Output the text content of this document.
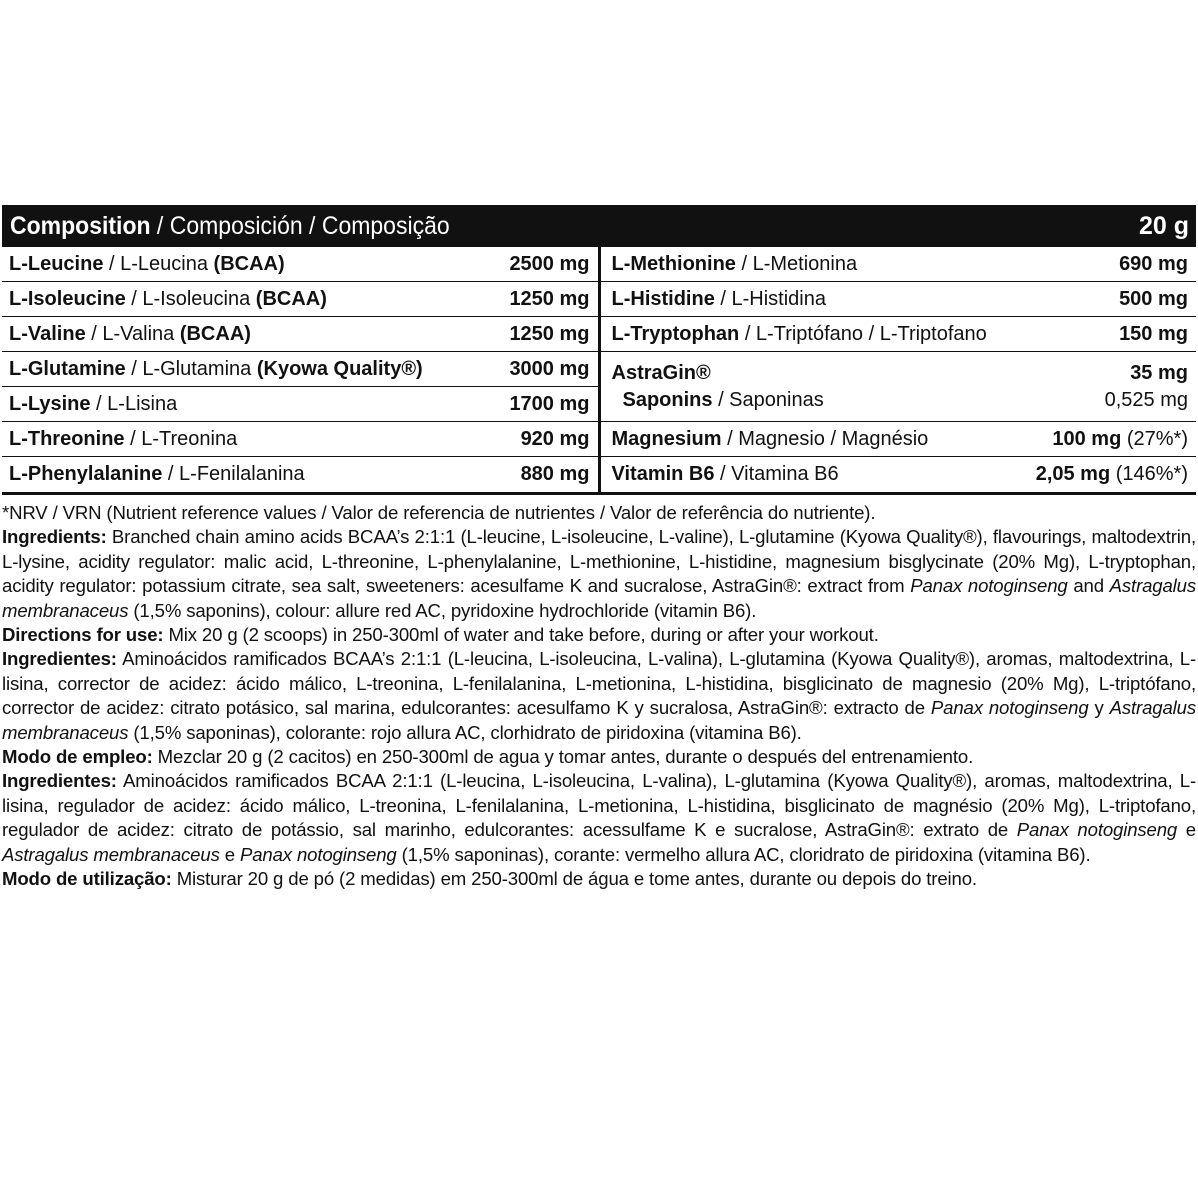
Composition / Composición / Composição	20 g
L-Leucine / L-Leucina (BCAA)	2500 mg
L-Isoleucine / L-Isoleucina (BCAA)	1250 mg
L-Valine / L-Valina (BCAA)	1250 mg
L-Glutamine / L-Glutamina (Kyowa Quality®)	3000 mg
L-Lysine / L-Lisina	1700 mg
L-Threonine / L-Treonina	920 mg
L-Phenylalanine / L-Fenilalanina	880 mg
L-Methionine / L-Metionina	690 mg
L-Histidine / L-Histidina	500 mg
L-Tryptophan / L-Triptófano / L-Triptofano	150 mg
AstraGin®	35 mg
Saponins / Saponinas	0,525 mg
Magnesium / Magnesio / Magnésio	100 mg (27%*)
Vitamin B6 / Vitamina B6	2,05 mg (146%*)

*NRV / VRN (Nutrient reference values / Valor de referencia de nutrientes / Valor de referência do nutriente).

Ingredients: Branched chain amino acids BCAA’s 2:1:1 (L-leucine, L-isoleucine, L-valine), L-glutamine (Kyowa Quality®), flavourings, maltodextrin, L-lysine, acidity regulator: malic acid, L-threonine, L-phenylalanine, L-methionine, L-histidine, magnesium bisglycinate (20% Mg), L-tryptophan, acidity regulator: potassium citrate, sea salt, sweeteners: acesulfame K and sucralose, AstraGin®: extract from Panax notoginseng and Astragalus membranaceus (1,5% saponins), colour: allure red AC, pyridoxine hydrochloride (vitamin B6).

Directions for use: Mix 20 g (2 scoops) in 250-300ml of water and take before, during or after your workout.

Ingredientes: Aminoácidos ramificados BCAA’s 2:1:1 (L-leucina, L-isoleucina, L-valina), L-glutamina (Kyowa Quality®), aromas, maltodextrina, L-lisina, corrector de acidez: ácido málico, L-treonina, L-fenilalanina, L-metionina, L-histidina, bisglicinato de magnesio (20% Mg), L-triptófano, corrector de acidez: citrato potásico, sal marina, edulcorantes: acesulfamo K y sucralosa, AstraGin®: extracto de Panax notoginseng y Astragalus membranaceus (1,5% saponinas), colorante: rojo allura AC, clorhidrato de piridoxina (vitamina B6).

Modo de empleo: Mezclar 20 g (2 cacitos) en 250-300ml de agua y tomar antes, durante o después del entrenamiento.

Ingredientes: Aminoácidos ramificados BCAA 2:1:1 (L-leucina, L-isoleucina, L-valina), L-glutamina (Kyowa Quality®), aromas, maltodextrina, L-lisina, regulador de acidez: ácido málico, L-treonina, L-fenilalanina, L-metionina, L-histidina, bisglicinato de magnésio (20% Mg), L-triptofano, regulador de acidez: citrato de potássio, sal marinho, edulcorantes: acessulfame K e sucralose, AstraGin®: extrato de Panax notoginseng e Astragalus membranaceus e Panax notoginseng (1,5% saponinas), corante: vermelho allura AC, cloridrato de piridoxina (vitamina B6).

Modo de utilização: Misturar 20 g de pó (2 medidas) em 250-300ml de água e tome antes, durante ou depois do treino.
